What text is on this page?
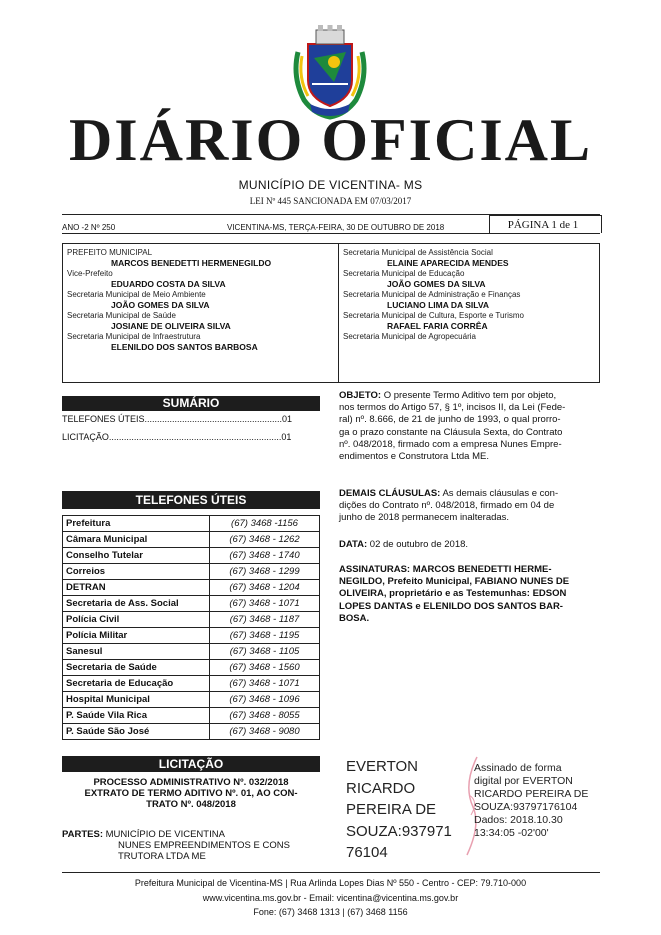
DIÁRIO OFICIAL
MUNICÍPIO DE VICENTINA- MS
LEI Nº 445 SANCIONADA EM 07/03/2017
ANO -2 Nº 250	VICENTINA-MS, TERÇA-FEIRA, 30 DE OUTUBRO DE 2018	PÁGINA 1 de 1
PREFEITO MUNICIPAL
MARCOS BENEDETTI HERMENEGILDO
Vice-Prefeito
EDUARDO COSTA DA SILVA
Secretaria Municipal de Meio Ambiente
JOÃO GOMES DA SILVA
Secretaria Municipal de Saúde
JOSIANE DE OLIVEIRA SILVA
Secretaria Municipal de Infraestrutura
ELENILDO DOS SANTOS BARBOSA
Secretaria Municipal de Assistência Social
ELAINE APARECIDA MENDES
Secretaria Municipal de Educação
JOÃO GOMES DA SILVA
Secretaria Municipal de Administração e Finanças
LUCIANO LIMA DA SILVA
Secretaria Municipal de Cultura, Esporte e Turismo
RAFAEL FARIA CORRÊA
Secretaria Municipal de Agropecuária
SUMÁRIO
TELEFONES ÚTEIS.......................................................01
LICITAÇÃO.....................................................................01
TELEFONES ÚTEIS
Prefeitura	(67) 3468 -1156
Câmara Municipal	(67) 3468 - 1262
Conselho Tutelar	(67) 3468 - 1740
Correios	(67) 3468 - 1299
DETRAN	(67) 3468 - 1204
Secretaria de Ass. Social	(67) 3468 - 1071
Polícia Civil	(67) 3468 - 1187
Polícia Militar	(67) 3468 - 1195
Sanesul	(67) 3468 - 1105
Secretaria de Saúde	(67) 3468 - 1560
Secretaria de Educação	(67) 3468 - 1071
Hospital Municipal	(67) 3468 - 1096
P. Saúde Vila Rica	(67) 3468 - 8055
P. Saúde São José	(67) 3468 - 9080
LICITAÇÃO
PROCESSO ADMINISTRATIVO Nº. 032/2018
EXTRATO DE TERMO ADITIVO Nº. 01, AO CON-
TRATO Nº. 048/2018
PARTES: MUNICÍPIO DE VICENTINA
NUNES EMPREENDIMENTOS E CONS
TRUTORA LTDA ME
OBJETO: O presente Termo Aditivo tem por objeto,
nos termos do Artigo 57, § 1º, incisos II, da Lei (Fede-
ral) nº. 8.666, de 21 de junho de 1993, o qual prorro-
ga o prazo constante na Cláusula Sexta, do Contrato
nº. 048/2018, firmado com a empresa Nunes Empre-
endimentos e Construtora Ltda ME.
DEMAIS CLÁUSULAS: As demais cláusulas e con-
dições do Contrato nº. 048/2018, firmado em 04 de
junho de 2018 permanecem inalteradas.
DATA: 02 de outubro de 2018.
ASSINATURAS: MARCOS BENEDETTI HERME-
NEGILDO, Prefeito Municipal, FABIANO NUNES DE
OLIVEIRA, proprietário e as Testemunhas: EDSON
LOPES DANTAS e ELENILDO DOS SANTOS BAR-
BOSA.
EVERTON
RICARDO
PEREIRA DE
SOUZA:937971
76104
Assinado de forma
digital por EVERTON
RICARDO PEREIRA DE
SOUZA:93797176104
Dados: 2018.10.30
13:34:05 -02'00'
Prefeitura Municipal de Vicentina-MS | Rua Arlinda Lopes Dias Nº 550 - Centro - CEP: 79.710-000
www.vicentina.ms.gov.br - Email: vicentina@vicentina.ms.gov.br
Fone: (67) 3468 1313 | (67) 3468 1156
